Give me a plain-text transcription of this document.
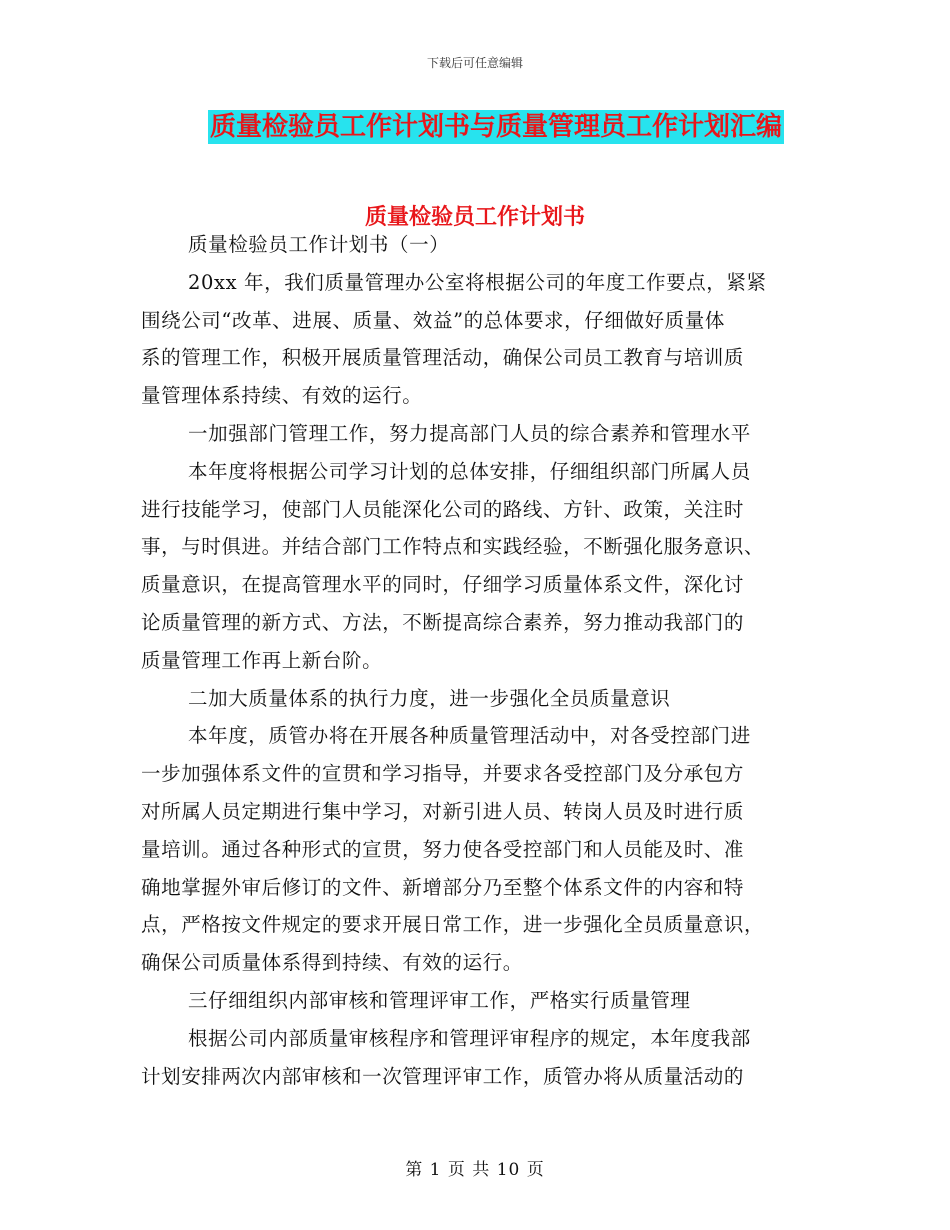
下载后可任意编辑
质量检验员工作计划书与质量管理员工作计划汇编
质量检验员工作计划书
质量检验员工作计划书（一）
20xx 年，我们质量管理办公室将根据公司的年度工作要点，紧紧
围绕公司“改革、进展、质量、效益”的总体要求，仔细做好质量体
系的管理工作，积极开展质量管理活动，确保公司员工教育与培训质
量管理体系持续、有效的运行。
一加强部门管理工作，努力提高部门人员的综合素养和管理水平
本年度将根据公司学习计划的总体安排，仔细组织部门所属人员
进行技能学习，使部门人员能深化公司的路线、方针、政策，关注时
事，与时俱进。并结合部门工作特点和实践经验，不断强化服务意识、
质量意识，在提高管理水平的同时，仔细学习质量体系文件，深化讨
论质量管理的新方式、方法，不断提高综合素养，努力推动我部门的
质量管理工作再上新台阶。
二加大质量体系的执行力度，进一步强化全员质量意识
本年度，质管办将在开展各种质量管理活动中，对各受控部门进
一步加强体系文件的宣贯和学习指导，并要求各受控部门及分承包方
对所属人员定期进行集中学习，对新引进人员、转岗人员及时进行质
量培训。通过各种形式的宣贯，努力使各受控部门和人员能及时、准
确地掌握外审后修订的文件、新增部分乃至整个体系文件的内容和特
点，严格按文件规定的要求开展日常工作，进一步强化全员质量意识，
确保公司质量体系得到持续、有效的运行。
三仔细组织内部审核和管理评审工作，严格实行质量管理
根据公司内部质量审核程序和管理评审程序的规定，本年度我部
计划安排两次内部审核和一次管理评审工作，质管办将从质量活动的
第 1 页 共 10 页
